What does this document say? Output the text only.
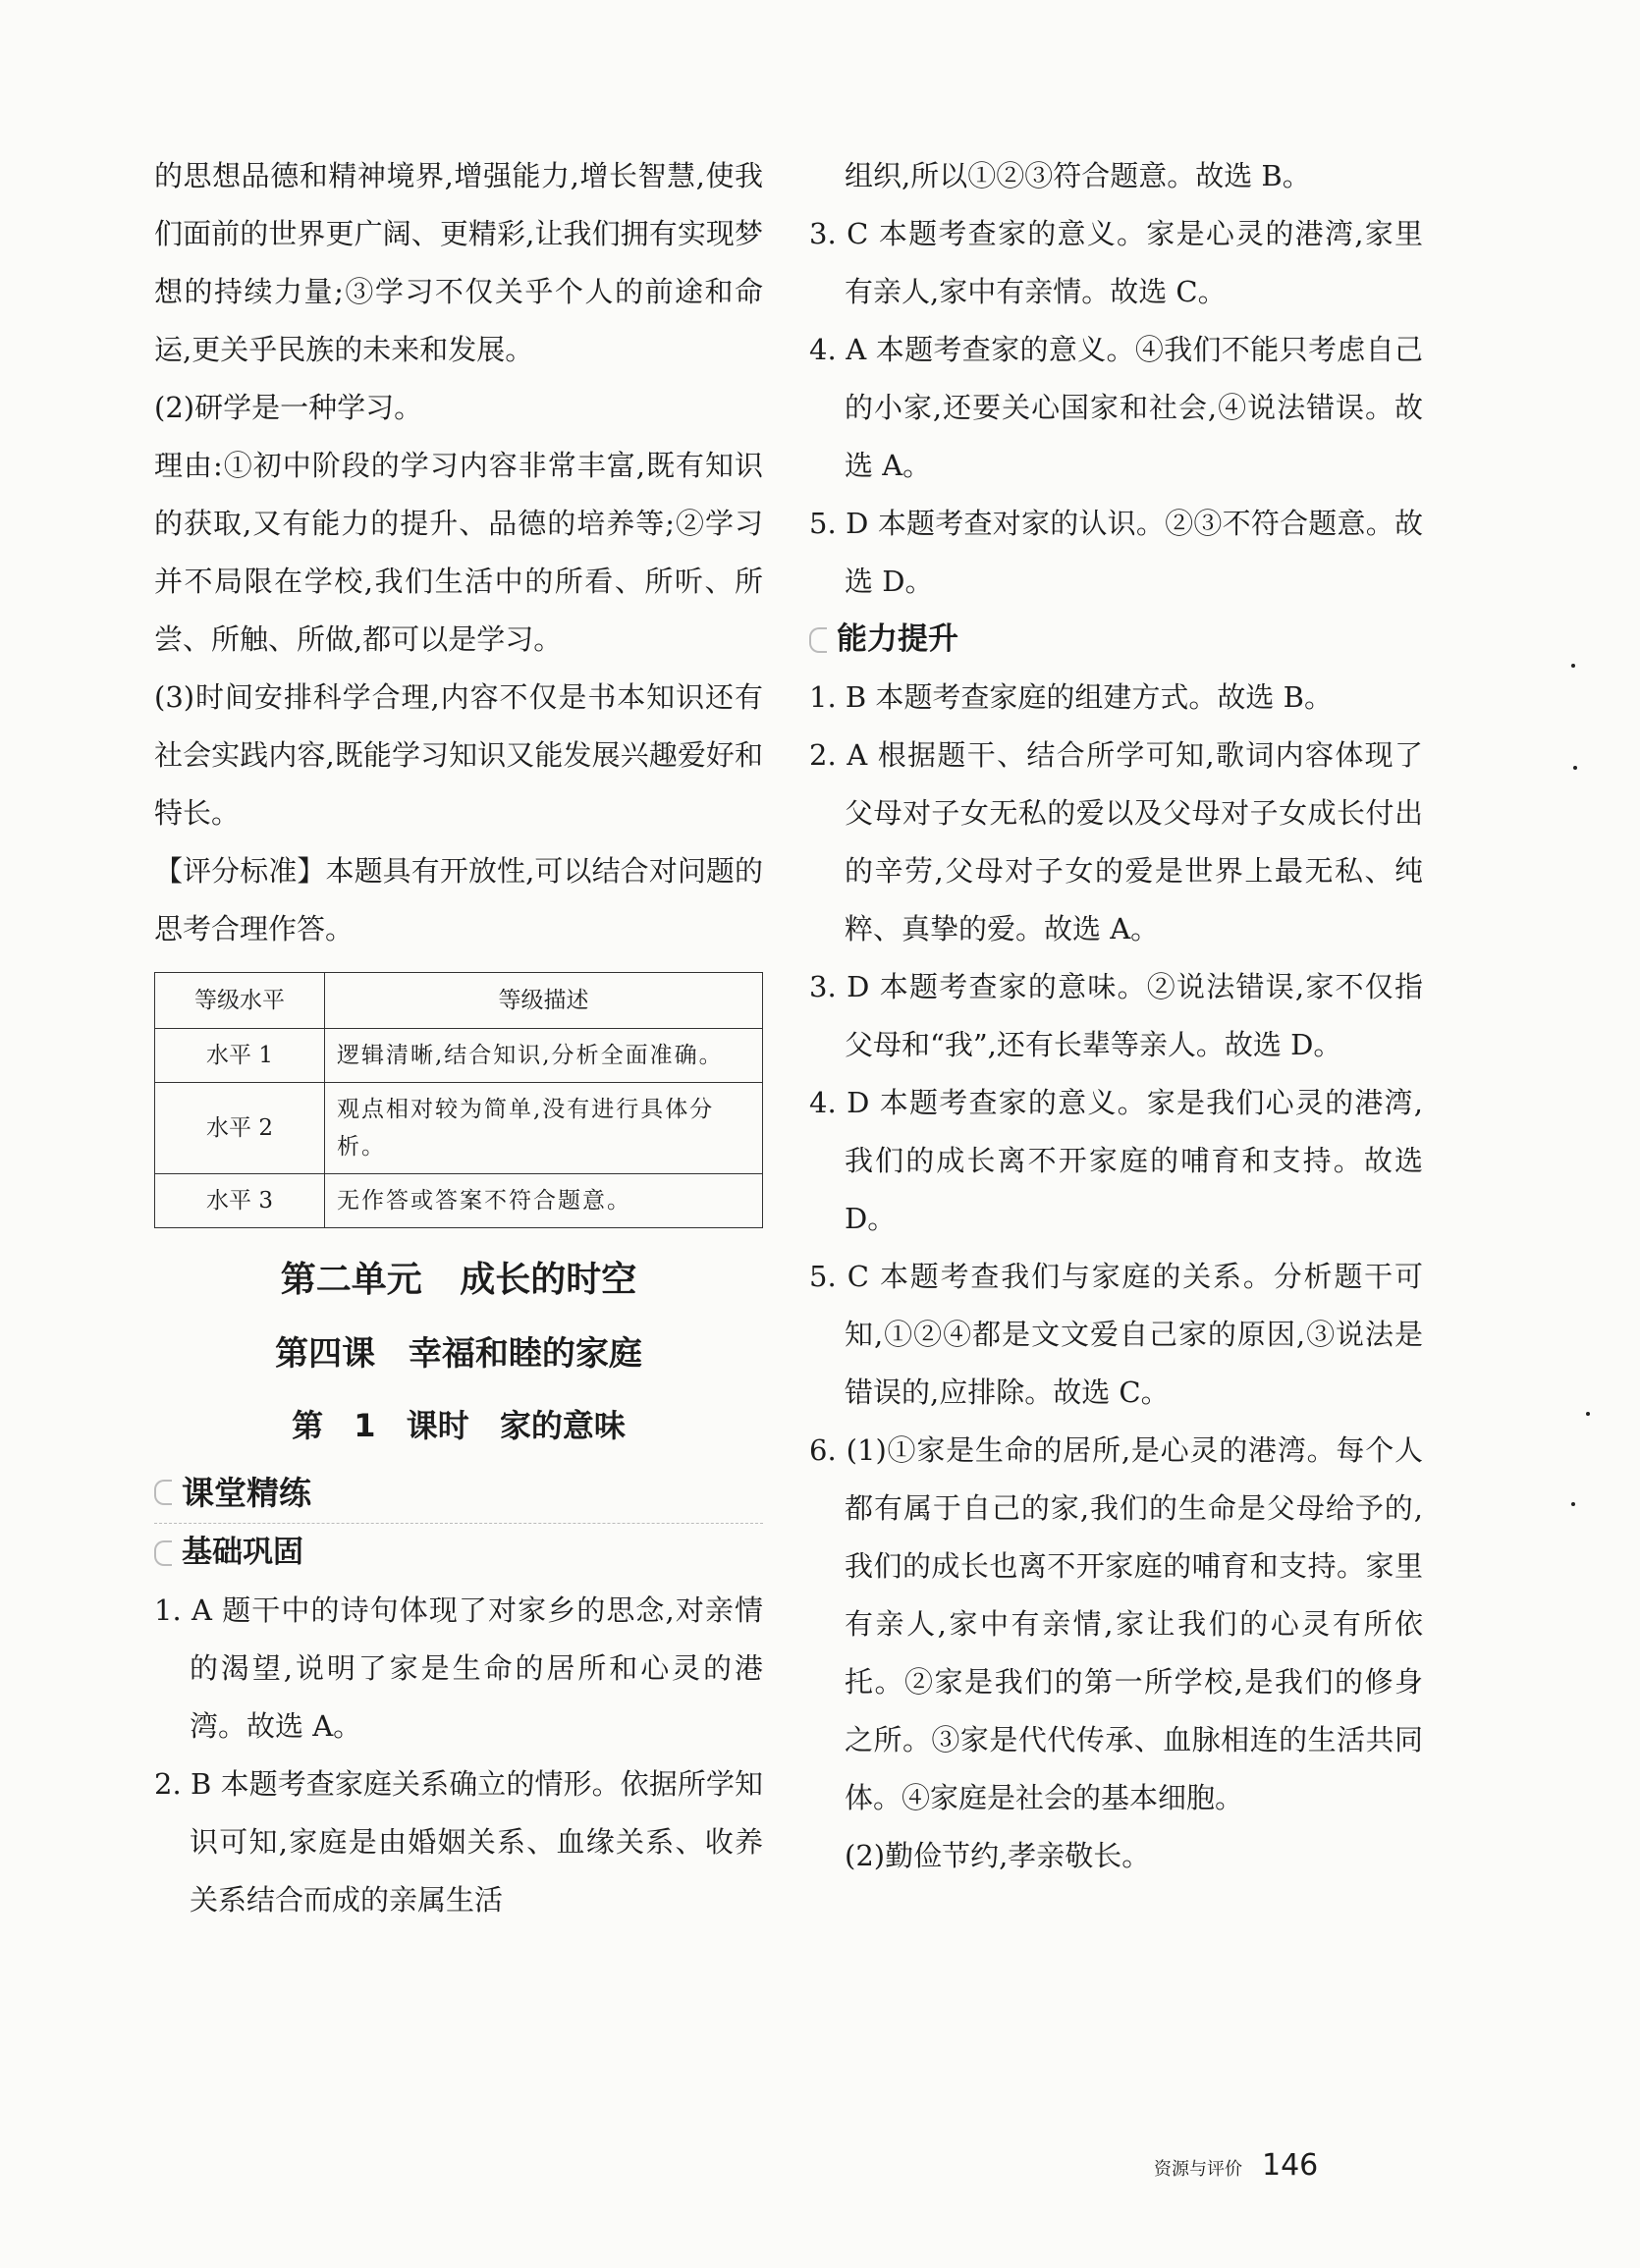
的思想品德和精神境界,增强能力,增长智慧,使我们面前的世界更广阔、更精彩,让我们拥有实现梦想的持续力量;③学习不仅关乎个人的前途和命运,更关乎民族的未来和发展。

(2)研学是一种学习。

理由:①初中阶段的学习内容非常丰富,既有知识的获取,又有能力的提升、品德的培养等;②学习并不局限在学校,我们生活中的所看、所听、所尝、所触、所做,都可以是学习。

(3)时间安排科学合理,内容不仅是书本知识还有社会实践内容,既能学习知识又能发展兴趣爱好和特长。

【评分标准】本题具有开放性,可以结合对问题的思考合理作答。

等级水平	等级描述
水平 1	逻辑清晰,结合知识,分析全面准确。
水平 2	观点相对较为简单,没有进行具体分析。
水平 3	无作答或答案不符合题意。
第二单元 成长的时空
第四课 幸福和睦的家庭
第 1 课时 家的意味
课堂精练
基础巩固

1. A 题干中的诗句体现了对家乡的思念,对亲情的渴望,说明了家是生命的居所和心灵的港湾。故选 A。

2. B 本题考查家庭关系确立的情形。依据所学知识可知,家庭是由婚姻关系、血缘关系、收养关系结合而成的亲属生活

组织,所以①②③符合题意。故选 B。

3. C 本题考查家的意义。家是心灵的港湾,家里有亲人,家中有亲情。故选 C。

4. A 本题考查家的意义。④我们不能只考虑自己的小家,还要关心国家和社会,④说法错误。故选 A。

5. D 本题考查对家的认识。②③不符合题意。故选 D。

能力提升

1. B 本题考查家庭的组建方式。故选 B。

2. A 根据题干、结合所学可知,歌词内容体现了父母对子女无私的爱以及父母对子女成长付出的辛劳,父母对子女的爱是世界上最无私、纯粹、真挚的爱。故选 A。

3. D 本题考查家的意味。②说法错误,家不仅指父母和“我”,还有长辈等亲人。故选 D。

4. D 本题考查家的意义。家是我们心灵的港湾,我们的成长离不开家庭的哺育和支持。故选 D。

5. C 本题考查我们与家庭的关系。分析题干可知,①②④都是文文爱自己家的原因,③说法是错误的,应排除。故选 C。

6. (1)①家是生命的居所,是心灵的港湾。每个人都有属于自己的家,我们的生命是父母给予的,我们的成长也离不开家庭的哺育和支持。家里有亲人,家中有亲情,家让我们的心灵有所依托。②家是我们的第一所学校,是我们的修身之所。③家是代代传承、血脉相连的生活共同体。④家庭是社会的基本细胞。

(2)勤俭节约,孝亲敬长。

资源与评价 146
